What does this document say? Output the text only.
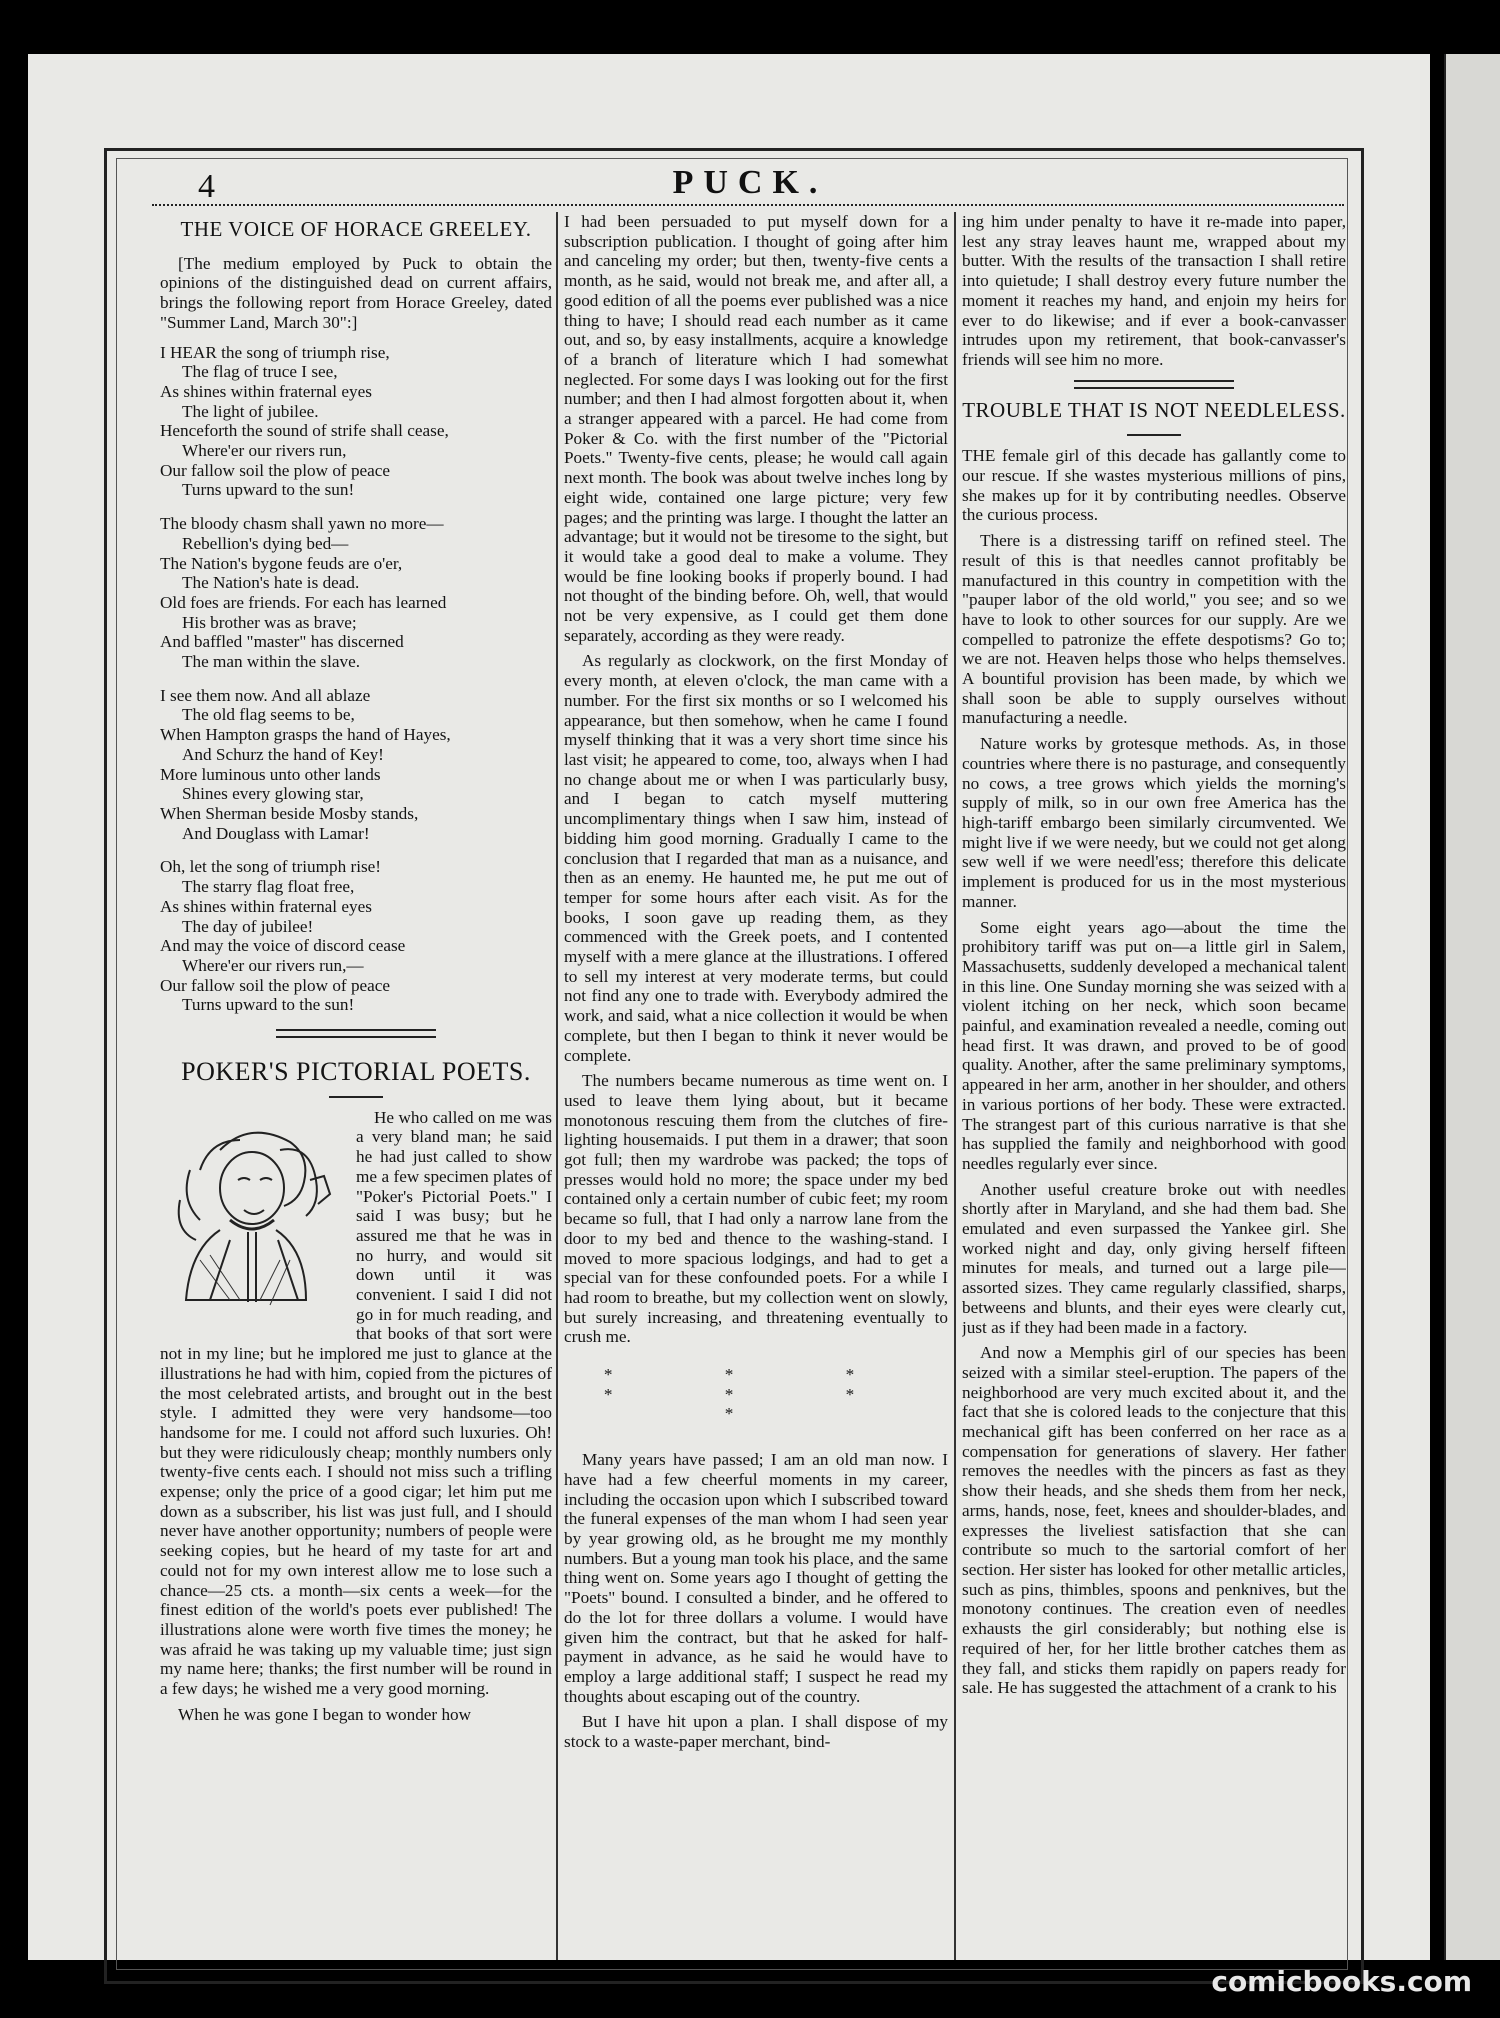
4	PUCK.
THE VOICE OF HORACE GREELEY.

[The medium employed by Puck to obtain the opinions of the distinguished dead on current affairs, brings the following report from Horace Greeley, dated "Summer Land, March 30":]

I HEAR the song of triumph rise,
The flag of truce I see,
As shines within fraternal eyes
The light of jubilee.
Henceforth the sound of strife shall cease,
Where'er our rivers run,
Our fallow soil the plow of peace
Turns upward to the sun!
The bloody chasm shall yawn no more—
Rebellion's dying bed—
The Nation's bygone feuds are o'er,
The Nation's hate is dead.
Old foes are friends. For each has learned
His brother was as brave;
And baffled "master" has discerned
The man within the slave.
I see them now. And all ablaze
The old flag seems to be,
When Hampton grasps the hand of Hayes,
And Schurz the hand of Key!
More luminous unto other lands
Shines every glowing star,
When Sherman beside Mosby stands,
And Douglass with Lamar!
Oh, let the song of triumph rise!
The starry flag float free,
As shines within fraternal eyes
The day of jubilee!
And may the voice of discord cease
Where'er our rivers run,—
Our fallow soil the plow of peace
Turns upward to the sun!
POKER'S PICTORIAL POETS.

He who called on me was a very bland man; he said he had just called to show me a few specimen plates of "Poker's Pictorial Poets." I said I was busy; but he assured me that he was in no hurry, and would sit down until it was convenient. I said I did not go in for much reading, and that books of that sort were not in my line; but he implored me just to glance at the illustrations he had with him, copied from the pictures of the most celebrated artists, and brought out in the best style. I admitted they were very handsome—too handsome for me. I could not afford such luxuries. Oh! but they were ridiculously cheap; monthly numbers only twenty-five cents each. I should not miss such a trifling expense; only the price of a good cigar; let him put me down as a subscriber, his list was just full, and I should never have another opportunity; numbers of people were seeking copies, but he heard of my taste for art and could not for my own interest allow me to lose such a chance—25 cts. a month—six cents a week—for the finest edition of the world's poets ever published! The illustrations alone were worth five times the money; he was afraid he was taking up my valuable time; just sign my name here; thanks; the first number will be round in a few days; he wished me a very good morning.

When he was gone I began to wonder how

I had been persuaded to put myself down for a subscription publication. I thought of going after him and canceling my order; but then, twenty-five cents a month, as he said, would not break me, and after all, a good edition of all the poems ever published was a nice thing to have; I should read each number as it came out, and so, by easy installments, acquire a knowledge of a branch of literature which I had somewhat neglected. For some days I was looking out for the first number; and then I had almost forgotten about it, when a stranger appeared with a parcel. He had come from Poker & Co. with the first number of the "Pictorial Poets." Twenty-five cents, please; he would call again next month. The book was about twelve inches long by eight wide, contained one large picture; very few pages; and the printing was large. I thought the latter an advantage; but it would not be tiresome to the sight, but it would take a good deal to make a volume. They would be fine looking books if properly bound. I had not thought of the binding before. Oh, well, that would not be very expensive, as I could get them done separately, according as they were ready.

As regularly as clockwork, on the first Monday of every month, at eleven o'clock, the man came with a number. For the first six months or so I welcomed his appearance, but then somehow, when he came I found myself thinking that it was a very short time since his last visit; he appeared to come, too, always when I had no change about me or when I was particularly busy, and I began to catch myself muttering uncomplimentary things when I saw him, instead of bidding him good morning. Gradually I came to the conclusion that I regarded that man as a nuisance, and then as an enemy. He haunted me, he put me out of temper for some hours after each visit. As for the books, I soon gave up reading them, as they commenced with the Greek poets, and I contented myself with a mere glance at the illustrations. I offered to sell my interest at very moderate terms, but could not find any one to trade with. Everybody admired the work, and said, what a nice collection it would be when complete, but then I began to think it never would be complete.

The numbers became numerous as time went on. I used to leave them lying about, but it became monotonous rescuing them from the clutches of fire-lighting housemaids. I put them in a drawer; that soon got full; then my wardrobe was packed; the tops of presses would hold no more; the space under my bed contained only a certain number of cubic feet; my room became so full, that I had only a narrow lane from the door to my bed and thence to the washing-stand. I moved to more spacious lodgings, and had to get a special van for these confounded poets. For a while I had room to breathe, but my collection went on slowly, but surely increasing, and threatening eventually to crush me.

* * * * * * *

Many years have passed; I am an old man now. I have had a few cheerful moments in my career, including the occasion upon which I subscribed toward the funeral expenses of the man whom I had seen year by year growing old, as he brought me my monthly numbers. But a young man took his place, and the same thing went on. Some years ago I thought of getting the "Poets" bound. I consulted a binder, and he offered to do the lot for three dollars a volume. I would have given him the contract, but that he asked for half-payment in advance, as he said he would have to employ a large additional staff; I suspect he read my thoughts about escaping out of the country.

But I have hit upon a plan. I shall dispose of my stock to a waste-paper merchant, bind-

ing him under penalty to have it re-made into paper, lest any stray leaves haunt me, wrapped about my butter. With the results of the transaction I shall retire into quietude; I shall destroy every future number the moment it reaches my hand, and enjoin my heirs for ever to do likewise; and if ever a book-canvasser intrudes upon my retirement, that book-canvasser's friends will see him no more.

TROUBLE THAT IS NOT NEEDLELESS.

THE female girl of this decade has gallantly come to our rescue. If she wastes mysterious millions of pins, she makes up for it by contributing needles. Observe the curious process.

There is a distressing tariff on refined steel. The result of this is that needles cannot profitably be manufactured in this country in competition with the "pauper labor of the old world," you see; and so we have to look to other sources for our supply. Are we compelled to patronize the effete despotisms? Go to; we are not. Heaven helps those who helps themselves. A bountiful provision has been made, by which we shall soon be able to supply ourselves without manufacturing a needle.

Nature works by grotesque methods. As, in those countries where there is no pasturage, and consequently no cows, a tree grows which yields the morning's supply of milk, so in our own free America has the high-tariff embargo been similarly circumvented. We might live if we were needy, but we could not get along sew well if we were needl'ess; therefore this delicate implement is produced for us in the most mysterious manner.

Some eight years ago—about the time the prohibitory tariff was put on—a little girl in Salem, Massachusetts, suddenly developed a mechanical talent in this line. One Sunday morning she was seized with a violent itching on her neck, which soon became painful, and examination revealed a needle, coming out head first. It was drawn, and proved to be of good quality. Another, after the same preliminary symptoms, appeared in her arm, another in her shoulder, and others in various portions of her body. These were extracted. The strangest part of this curious narrative is that she has supplied the family and neighborhood with good needles regularly ever since.

Another useful creature broke out with needles shortly after in Maryland, and she had them bad. She emulated and even surpassed the Yankee girl. She worked night and day, only giving herself fifteen minutes for meals, and turned out a large pile—assorted sizes. They came regularly classified, sharps, betweens and blunts, and their eyes were clearly cut, just as if they had been made in a factory.

And now a Memphis girl of our species has been seized with a similar steel-eruption. The papers of the neighborhood are very much excited about it, and the fact that she is colored leads to the conjecture that this mechanical gift has been conferred on her race as a compensation for generations of slavery. Her father removes the needles with the pincers as fast as they show their heads, and she sheds them from her neck, arms, hands, nose, feet, knees and shoulder-blades, and expresses the liveliest satisfaction that she can contribute so much to the sartorial comfort of her section. Her sister has looked for other metallic articles, such as pins, thimbles, spoons and penknives, but the monotony continues. The creation even of needles exhausts the girl considerably; but nothing else is required of her, for her little brother catches them as they fall, and sticks them rapidly on papers ready for sale. He has suggested the attachment of a crank to his

comicbooks.com
